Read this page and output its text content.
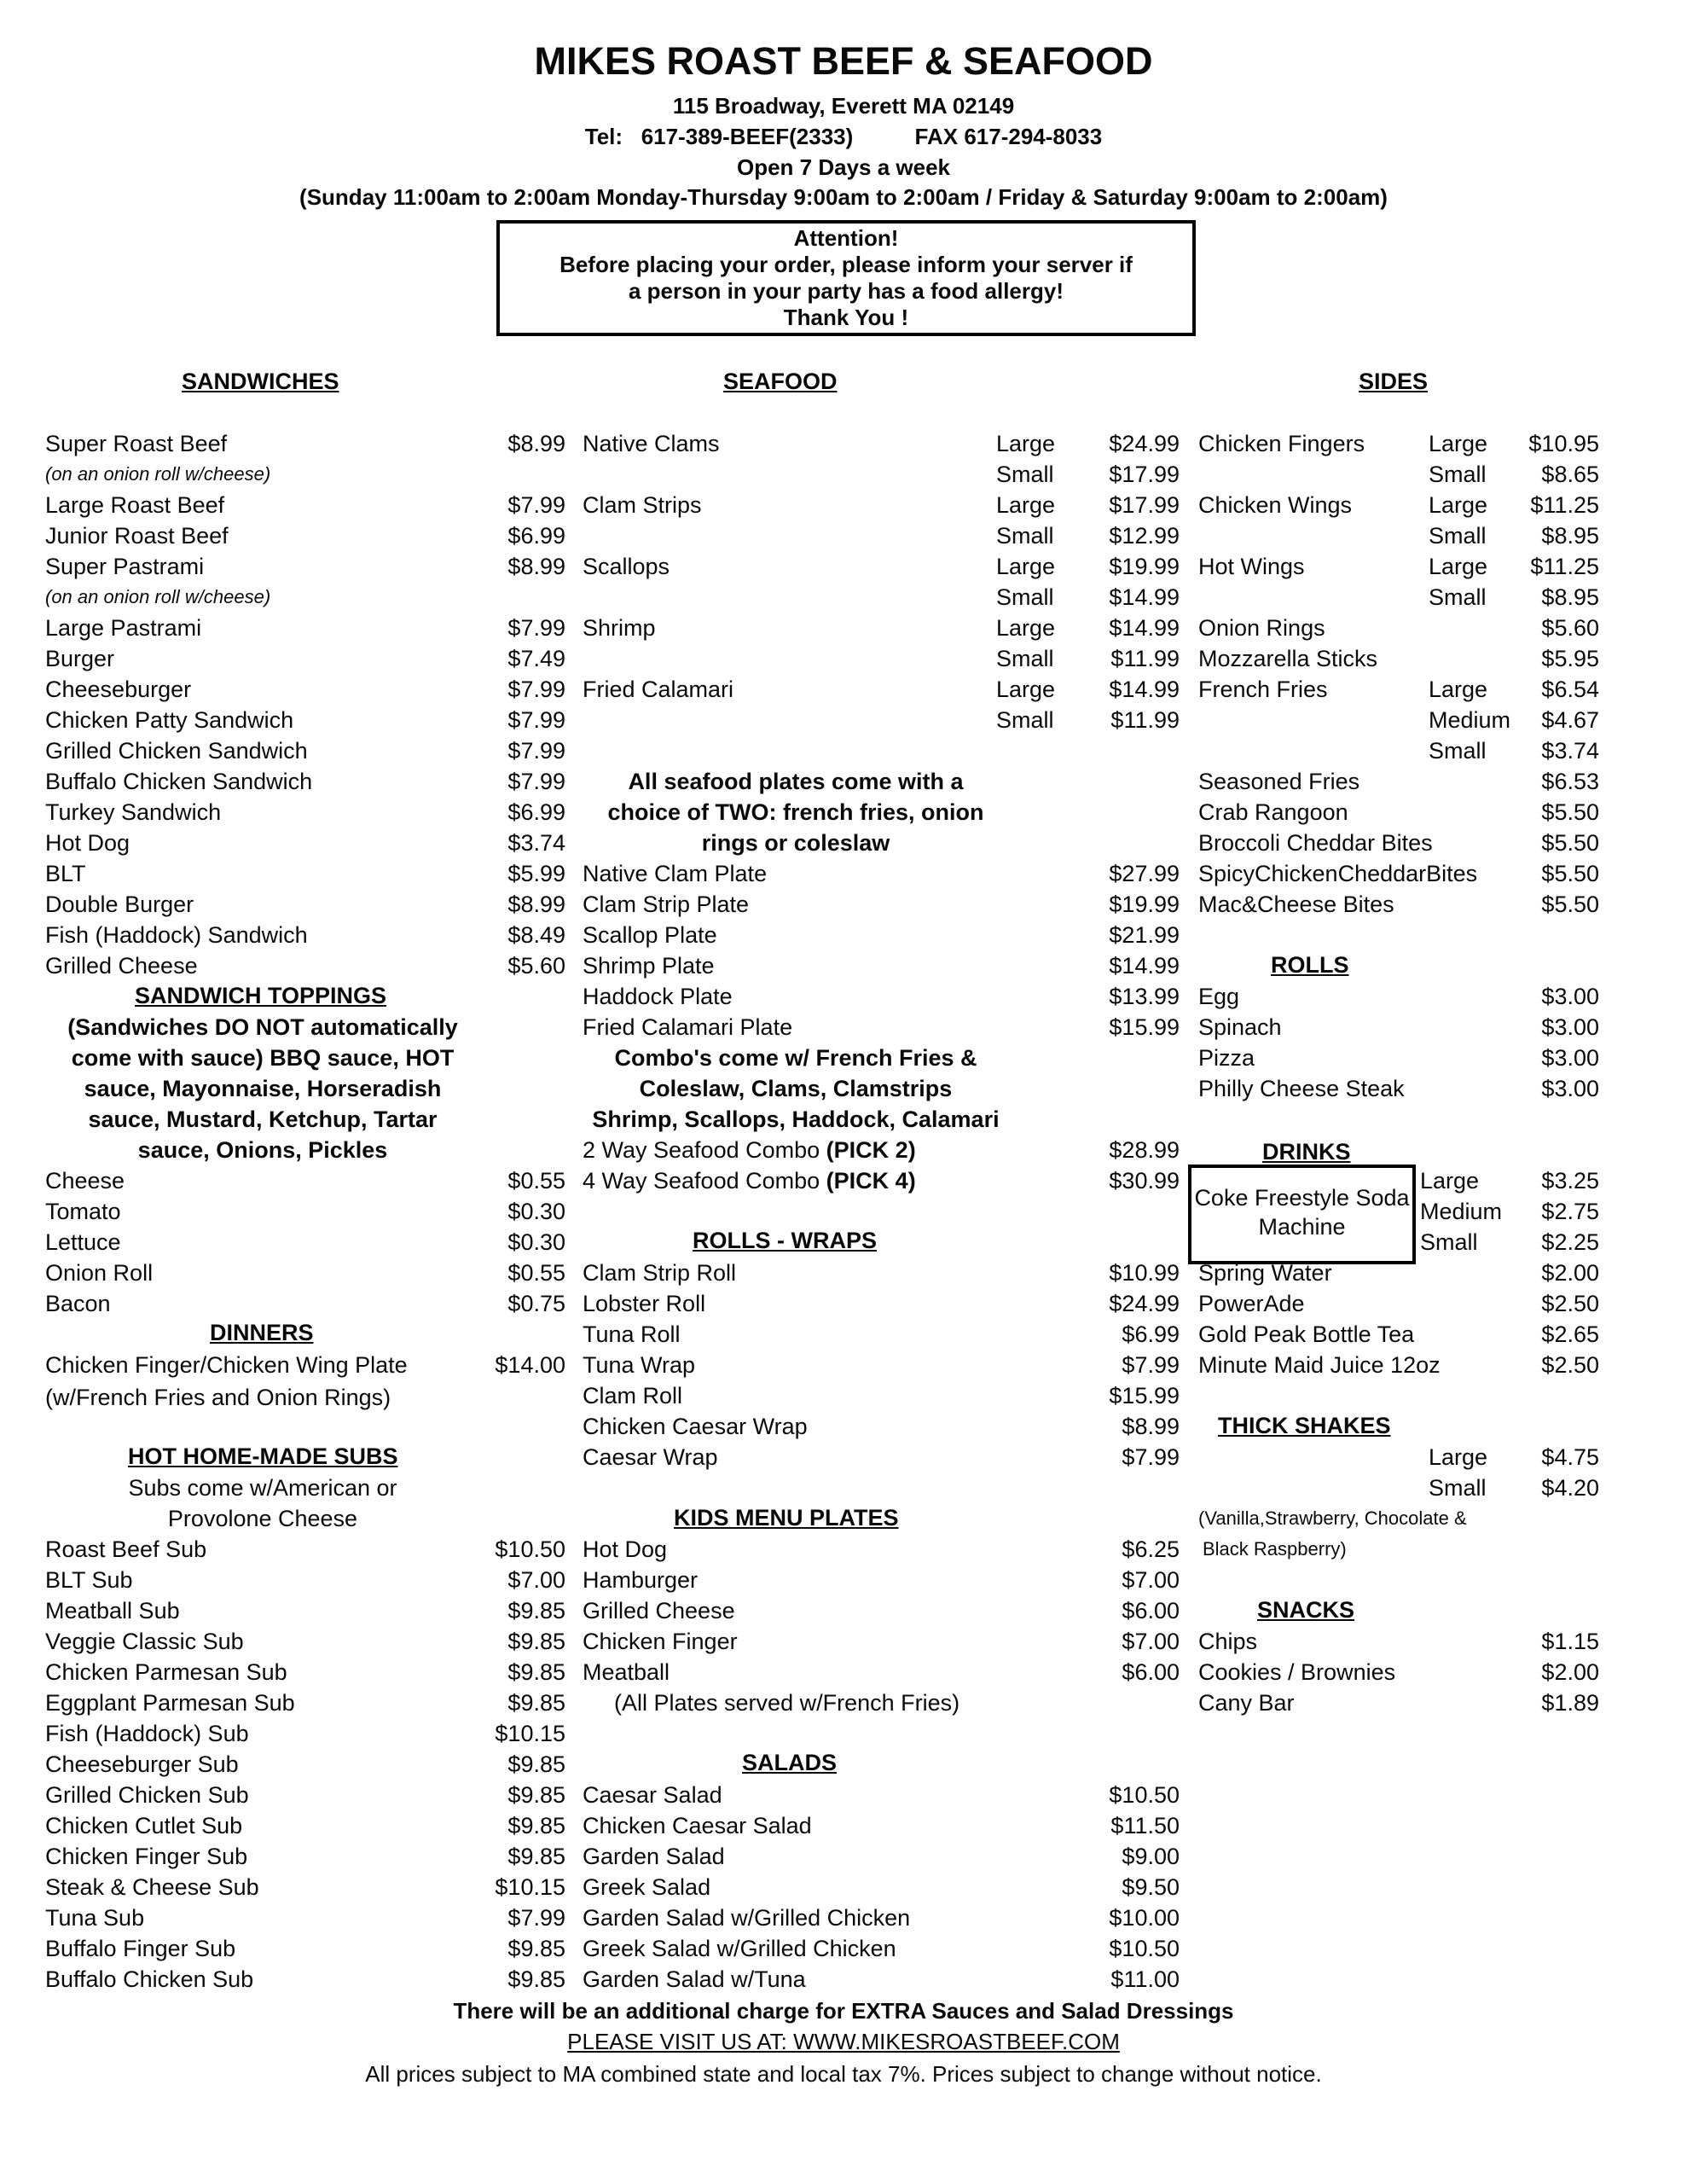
MIKES ROAST BEEF & SEAFOOD
115 Broadway, Everett MA 02149
Tel:   617-389-BEEF(2333)          FAX 617-294-8033
Open 7 Days a week
(Sunday 11:00am to 2:00am Monday-Thursday 9:00am to 2:00am / Friday & Saturday 9:00am to 2:00am)
Attention!
Before placing your order, please inform your server if
a person in your party has a food allergy!
Thank You !
SANDWICHES	SEAFOOD	SIDES
Super Roast Beef	$8.99
(on an onion roll w/cheese)
Large Roast Beef	$7.99
Junior Roast Beef	$6.99
Super Pastrami	$8.99
(on an onion roll w/cheese)
Large Pastrami	$7.99
Burger	$7.49
Cheeseburger	$7.99
Chicken Patty Sandwich	$7.99
Grilled Chicken Sandwich	$7.99
Buffalo Chicken Sandwich	$7.99
Turkey Sandwich	$6.99
Hot Dog	$3.74
BLT	$5.99
Double Burger	$8.99
Fish (Haddock) Sandwich	$8.49
Grilled Cheese	$5.60
SANDWICH TOPPINGS
(Sandwiches DO NOT automatically
come with sauce) BBQ sauce, HOT
sauce, Mayonnaise, Horseradish
sauce, Mustard, Ketchup, Tartar
sauce, Onions, Pickles
Cheese	$0.55
Tomato	$0.30
Lettuce	$0.30
Onion Roll	$0.55
Bacon	$0.75
DINNERS
Chicken Finger/Chicken Wing Plate	$14.00
(w/French Fries and Onion Rings)
HOT HOME-MADE SUBS
Subs come w/American or
Provolone Cheese
Roast Beef Sub	$10.50
BLT Sub	$7.00
Meatball Sub	$9.85
Veggie Classic Sub	$9.85
Chicken Parmesan Sub	$9.85
Eggplant Parmesan Sub	$9.85
Fish (Haddock) Sub	$10.15
Cheeseburger Sub	$9.85
Grilled Chicken Sub	$9.85
Chicken Cutlet Sub	$9.85
Chicken Finger Sub	$9.85
Steak & Cheese Sub	$10.15
Tuna Sub	$7.99
Buffalo Finger Sub	$9.85
Buffalo Chicken Sub	$9.85
Native Clams	Large $24.99
Small $17.99
Clam Strips	Large $17.99
Small $12.99
Scallops	Large $19.99
Small $14.99
Shrimp	Large $14.99
Small $11.99
Fried Calamari	Large $14.99
Small $11.99
All seafood plates come with a
choice of TWO: french fries, onion
rings or coleslaw
Native Clam Plate	$27.99
Clam Strip Plate	$19.99
Scallop Plate	$21.99
Shrimp Plate	$14.99
Haddock Plate	$13.99
Fried Calamari Plate	$15.99
Combo's come w/ French Fries &
Coleslaw, Clams, Clamstrips
Shrimp, Scallops, Haddock, Calamari
2 Way Seafood Combo (PICK 2)	$28.99
4 Way Seafood Combo (PICK 4)	$30.99
ROLLS - WRAPS
Clam Strip Roll	$10.99
Lobster Roll	$24.99
Tuna Roll	$6.99
Tuna Wrap	$7.99
Clam Roll	$15.99
Chicken Caesar Wrap	$8.99
Caesar Wrap	$7.99
KIDS MENU PLATES
Hot Dog	$6.25
Hamburger	$7.00
Grilled Cheese	$6.00
Chicken Finger	$7.00
Meatball	$6.00
(All Plates served w/French Fries)
SALADS
Caesar Salad	$10.50
Chicken Caesar Salad	$11.50
Garden Salad	$9.00
Greek Salad	$9.50
Garden Salad w/Grilled Chicken	$10.00
Greek Salad w/Grilled Chicken	$10.50
Garden Salad w/Tuna	$11.00
Chicken Fingers	Large $10.95
Small $8.65
Chicken Wings	Large $11.25
Small $8.95
Hot Wings	Large $11.25
Small $8.95
Onion Rings	$5.60
Mozzarella Sticks	$5.95
French Fries	Large $6.54
Medium $4.67
Small $3.74
Seasoned Fries	$6.53
Crab Rangoon	$5.50
Broccoli Cheddar Bites	$5.50
SpicyChickenCheddarBites	$5.50
Mac&Cheese Bites	$5.50
ROLLS
Egg	$3.00
Spinach	$3.00
Pizza	$3.00
Philly Cheese Steak	$3.00
DRINKS
Coke Freestyle Soda
Machine
Large	$3.25
Medium $2.75
Small	$2.25
Spring Water	$2.00
PowerAde	$2.50
Gold Peak Bottle Tea	$2.65
Minute Maid Juice 12oz	$2.50
THICK SHAKES
Large $4.75
Small $4.20
(Vanilla,Strawberry, Chocolate &
Black Raspberry)
SNACKS
Chips	$1.15
Cookies / Brownies	$2.00
Cany Bar	$1.89
There will be an additional charge for EXTRA Sauces and Salad Dressings
PLEASE VISIT US AT: WWW.MIKESROASTBEEF.COM
All prices subject to MA combined state and local tax 7%. Prices subject to change without notice.
